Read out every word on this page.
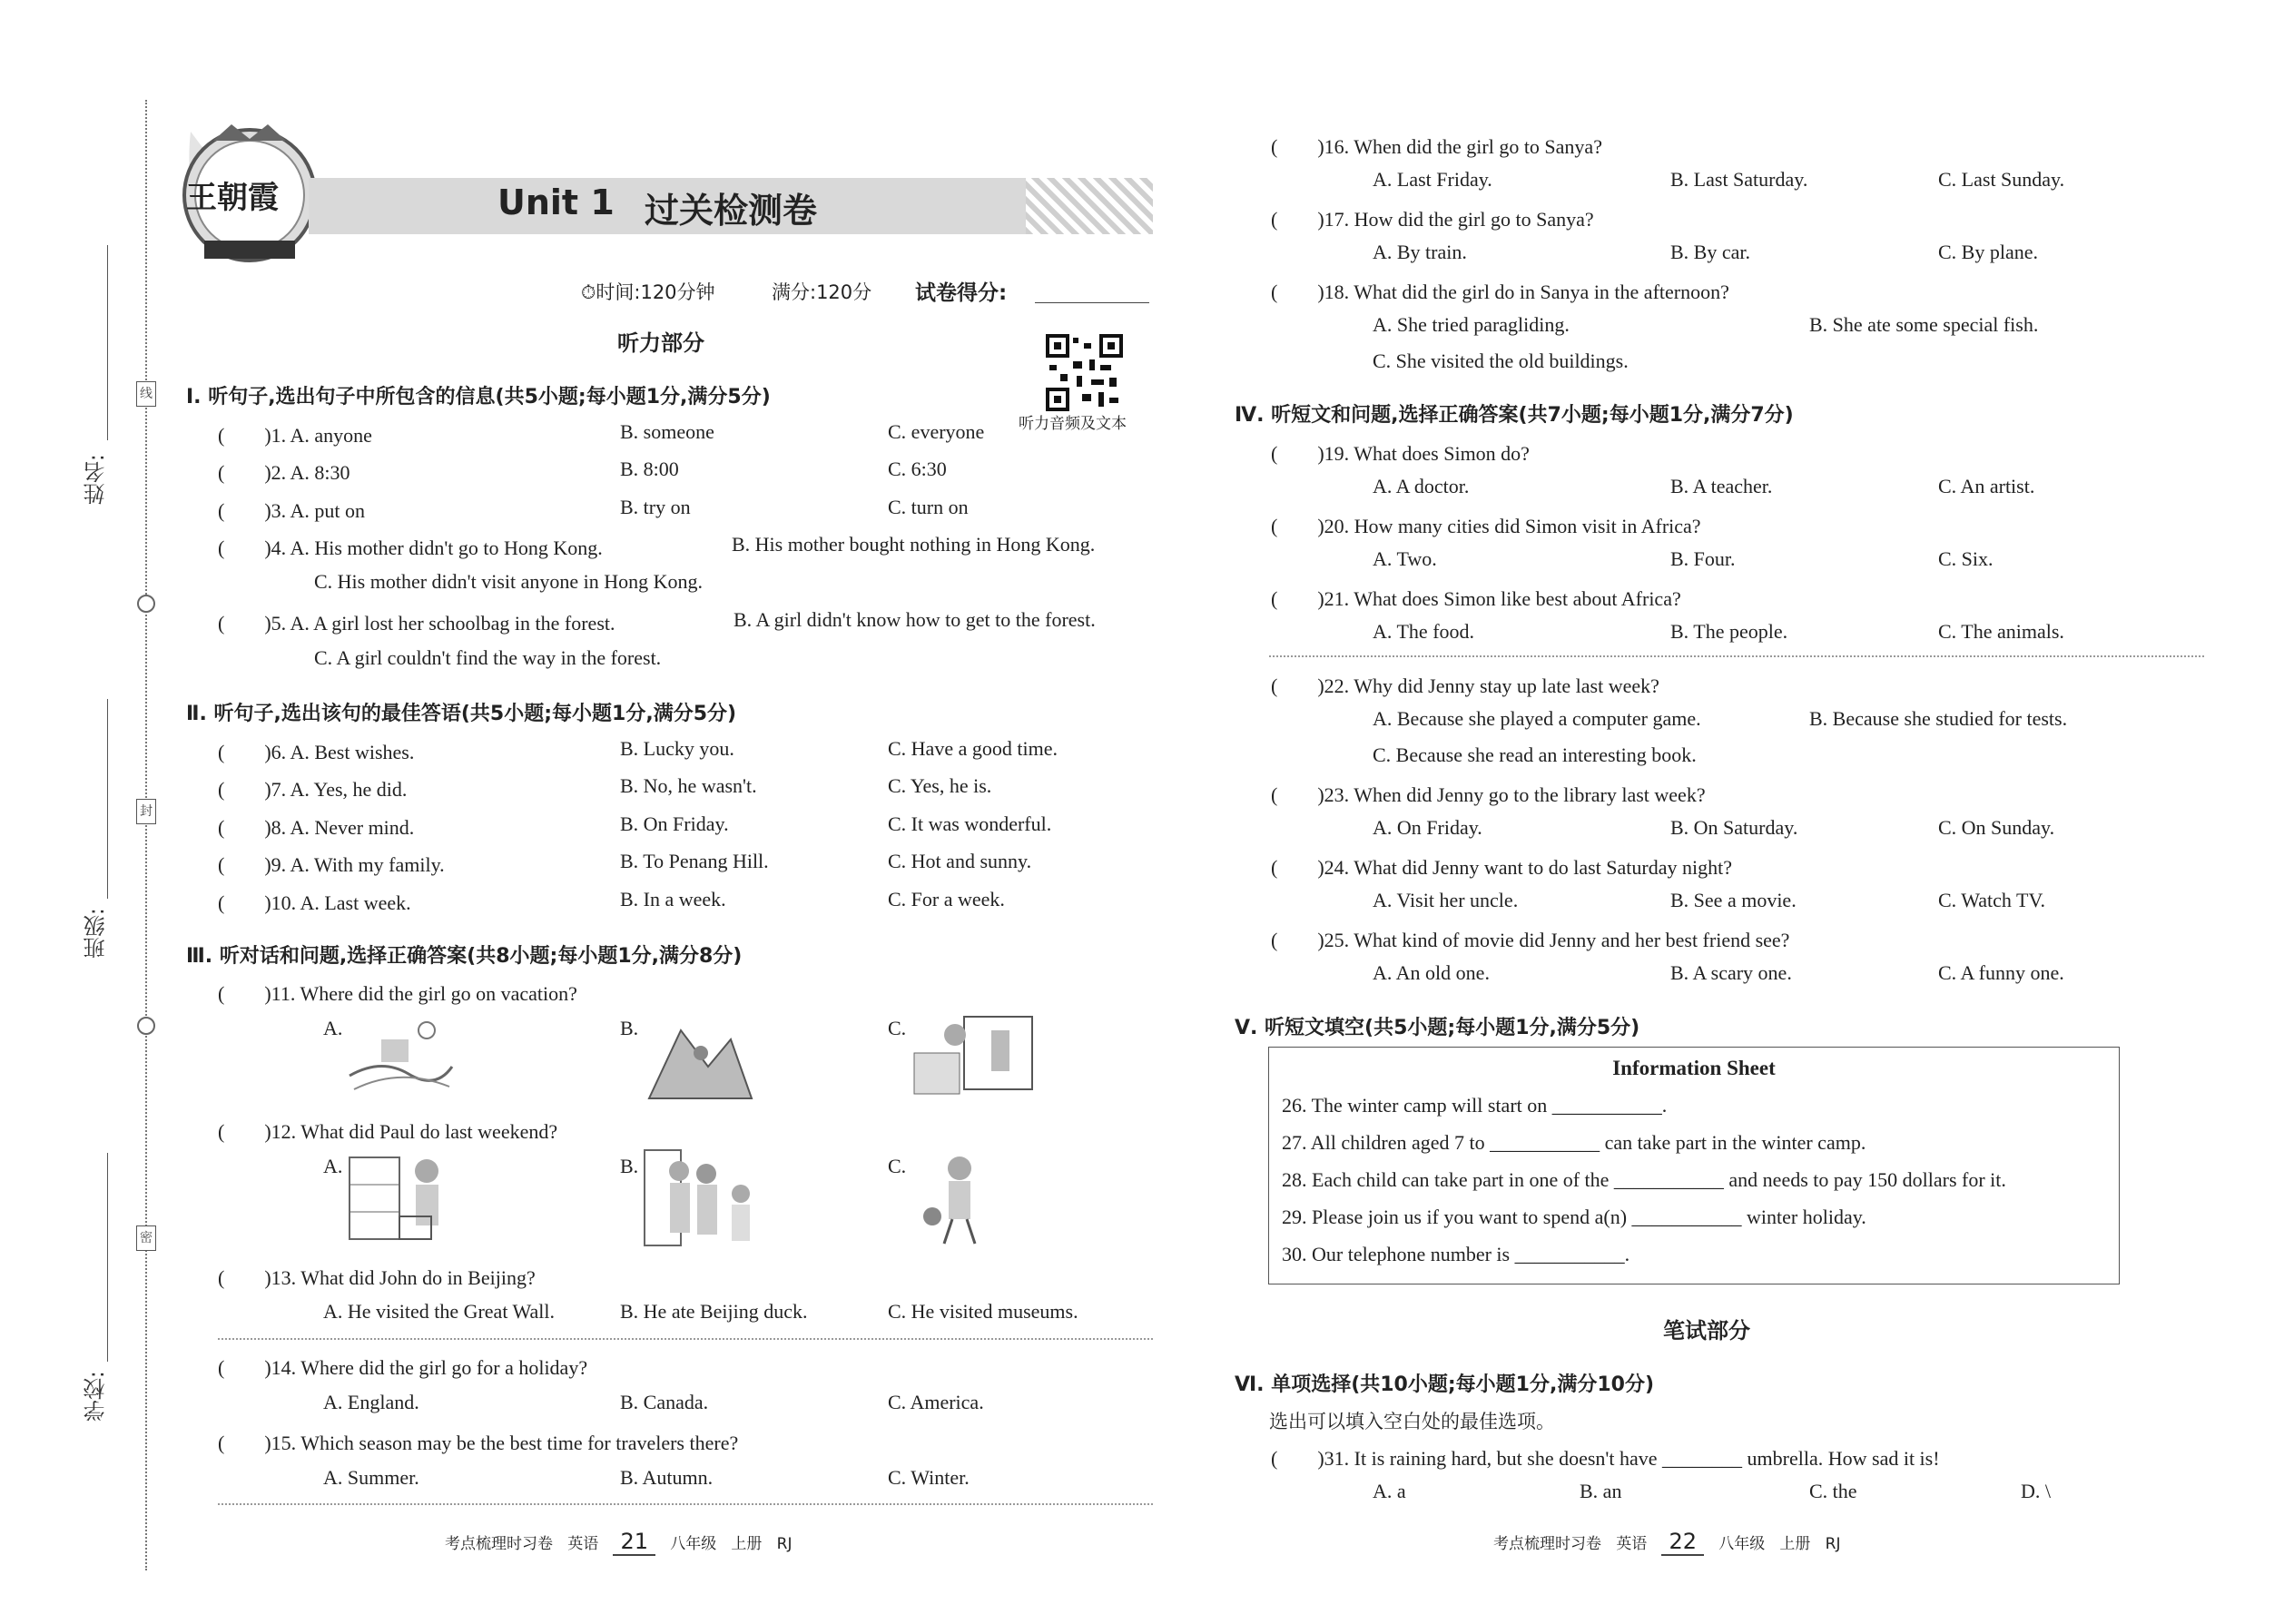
姓名:
班级:
学校:
线
封
密
王朝霞	Unit 1 过关检测卷
⏱时间:120分钟	满分:120分 试卷得分:
听力音频及文本
听力部分
Ⅰ. 听句子,选出句子中所包含的信息(共5小题;每小题1分,满分5分)
(　　)1. A. anyone	B. someone	C. everyone
(　　)2. A. 8:30	B. 8:00	C. 6:30
(　　)3. A. put on	B. try on	C. turn on
(　　)4. A. His mother didn't go to Hong Kong.	B. His mother bought nothing in Hong Kong.
C. His mother didn't visit anyone in Hong Kong.
(　　)5. A. A girl lost her schoolbag in the forest.	B. A girl didn't know how to get to the forest.
C. A girl couldn't find the way in the forest.
Ⅱ. 听句子,选出该句的最佳答语(共5小题;每小题1分,满分5分)
(　　)6. A. Best wishes.	B. Lucky you.	C. Have a good time.
(　　)7. A. Yes, he did.	B. No, he wasn't.	C. Yes, he is.
(　　)8. A. Never mind.	B. On Friday.	C. It was wonderful.
(　　)9. A. With my family.	B. To Penang Hill.	C. Hot and sunny.
(　　)10. A. Last week.	B. In a week.	C. For a week.
Ⅲ. 听对话和问题,选择正确答案(共8小题;每小题1分,满分8分)
(　　)11. Where did the girl go on vacation?
A.	B.	C.
(　　)12. What did Paul do last weekend?
A.	B.	C.
(　　)13. What did John do in Beijing?
A. He visited the Great Wall.	B. He ate Beijing duck.	C. He visited museums.
(　　)14. Where did the girl go for a holiday?
A. England.	B. Canada.	C. America.
(　　)15. Which season may be the best time for travelers there?
A. Summer.	B. Autumn.	C. Winter.
考点梳理时习卷 英语 21 八年级 上册 RJ
(　　)16. When did the girl go to Sanya?
A. Last Friday.	B. Last Saturday.	C. Last Sunday.
(　　)17. How did the girl go to Sanya?
A. By train.	B. By car.	C. By plane.
(　　)18. What did the girl do in Sanya in the afternoon?
A. She tried paragliding.	B. She ate some special fish.
C. She visited the old buildings.
Ⅳ. 听短文和问题,选择正确答案(共7小题;每小题1分,满分7分)
(　　)19. What does Simon do?
A. A doctor.	B. A teacher.	C. An artist.
(　　)20. How many cities did Simon visit in Africa?
A. Two.	B. Four.	C. Six.
(　　)21. What does Simon like best about Africa?
A. The food.	B. The people.	C. The animals.
(　　)22. Why did Jenny stay up late last week?
A. Because she played a computer game.	B. Because she studied for tests.
C. Because she read an interesting book.
(　　)23. When did Jenny go to the library last week?
A. On Friday.	B. On Saturday.	C. On Sunday.
(　　)24. What did Jenny want to do last Saturday night?
A. Visit her uncle.	B. See a movie.	C. Watch TV.
(　　)25. What kind of movie did Jenny and her best friend see?
A. An old one.	B. A scary one.	C. A funny one.
Ⅴ. 听短文填空(共5小题;每小题1分,满分5分)
Information Sheet
26. The winter camp will start on ___________.
27. All children aged 7 to ___________ can take part in the winter camp.
28. Each child can take part in one of the ___________ and needs to pay 150 dollars for it.
29. Please join us if you want to spend a(n) ___________ winter holiday.
30. Our telephone number is ___________.
笔试部分
Ⅵ. 单项选择(共10小题;每小题1分,满分10分)
选出可以填入空白处的最佳选项。
(　　)31. It is raining hard, but she doesn't have ________ umbrella. How sad it is!
A. a	B. an	C. the	D. \
考点梳理时习卷 英语 22 八年级 上册 RJ
